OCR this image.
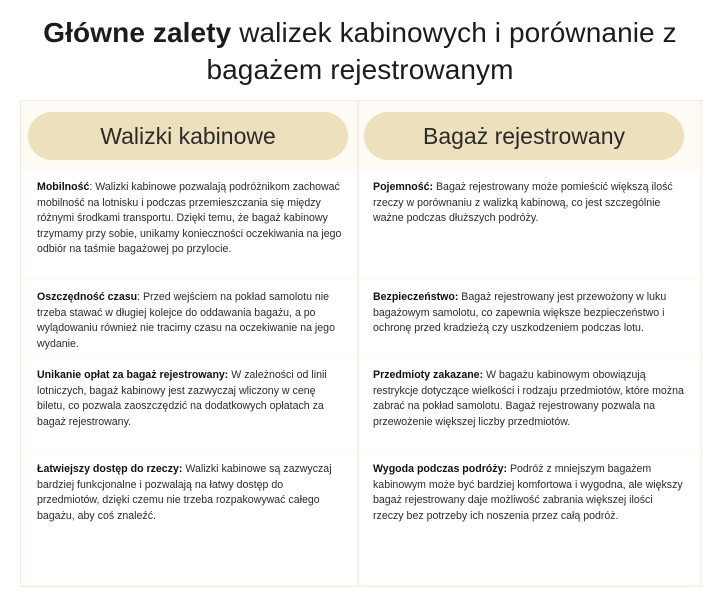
Główne zalety walizek kabinowych i porównanie z bagażem rejestrowanym
Walizki kabinowe	Bagaż rejestrowany
Mobilność: Walizki kabinowe pozwalają podróżnikom zachować mobilność na lotnisku i podczas przemieszczania się między różnymi środkami transportu. Dzięki temu, że bagaż kabinowy trzymamy przy sobie, unikamy konieczności oczekiwania na jego odbiór na taśmie bagażowej po przylocie.
Oszczędność czasu: Przed wejściem na pokład samolotu nie trzeba stawać w długiej kolejce do oddawania bagażu, a po wylądowaniu również nie tracimy czasu na oczekiwanie na jego wydanie.
Unikanie opłat za bagaż rejestrowany: W zależności od linii lotniczych, bagaż kabinowy jest zazwyczaj wliczony w cenę biletu, co pozwala zaoszczędzić na dodatkowych opłatach za bagaż rejestrowany.
Łatwiejszy dostęp do rzeczy: Walizki kabinowe są zazwyczaj bardziej funkcjonalne i pozwalają na łatwy dostęp do przedmiotów, dzięki czemu nie trzeba rozpakowywać całego bagażu, aby coś znaleźć.
Pojemność: Bagaż rejestrowany może pomieścić większą ilość rzeczy w porównaniu z walizką kabinową, co jest szczególnie ważne podczas dłuższych podróży.
Bezpieczeństwo: Bagaż rejestrowany jest przewożony w luku bagażowym samolotu, co zapewnia większe bezpieczeństwo i ochronę przed kradzieżą czy uszkodzeniem podczas lotu.
Przedmioty zakazane: W bagażu kabinowym obowiązują restrykcje dotyczące wielkości i rodzaju przedmiotów, które można zabrać na pokład samolotu. Bagaż rejestrowany pozwala na przewożenie większej liczby przedmiotów.
Wygoda podczas podróży: Podróż z mniejszym bagażem kabinowym może być bardziej komfortowa i wygodna, ale większy bagaż rejestrowany daje możliwość zabrania większej ilości rzeczy bez potrzeby ich noszenia przez całą podróż.
